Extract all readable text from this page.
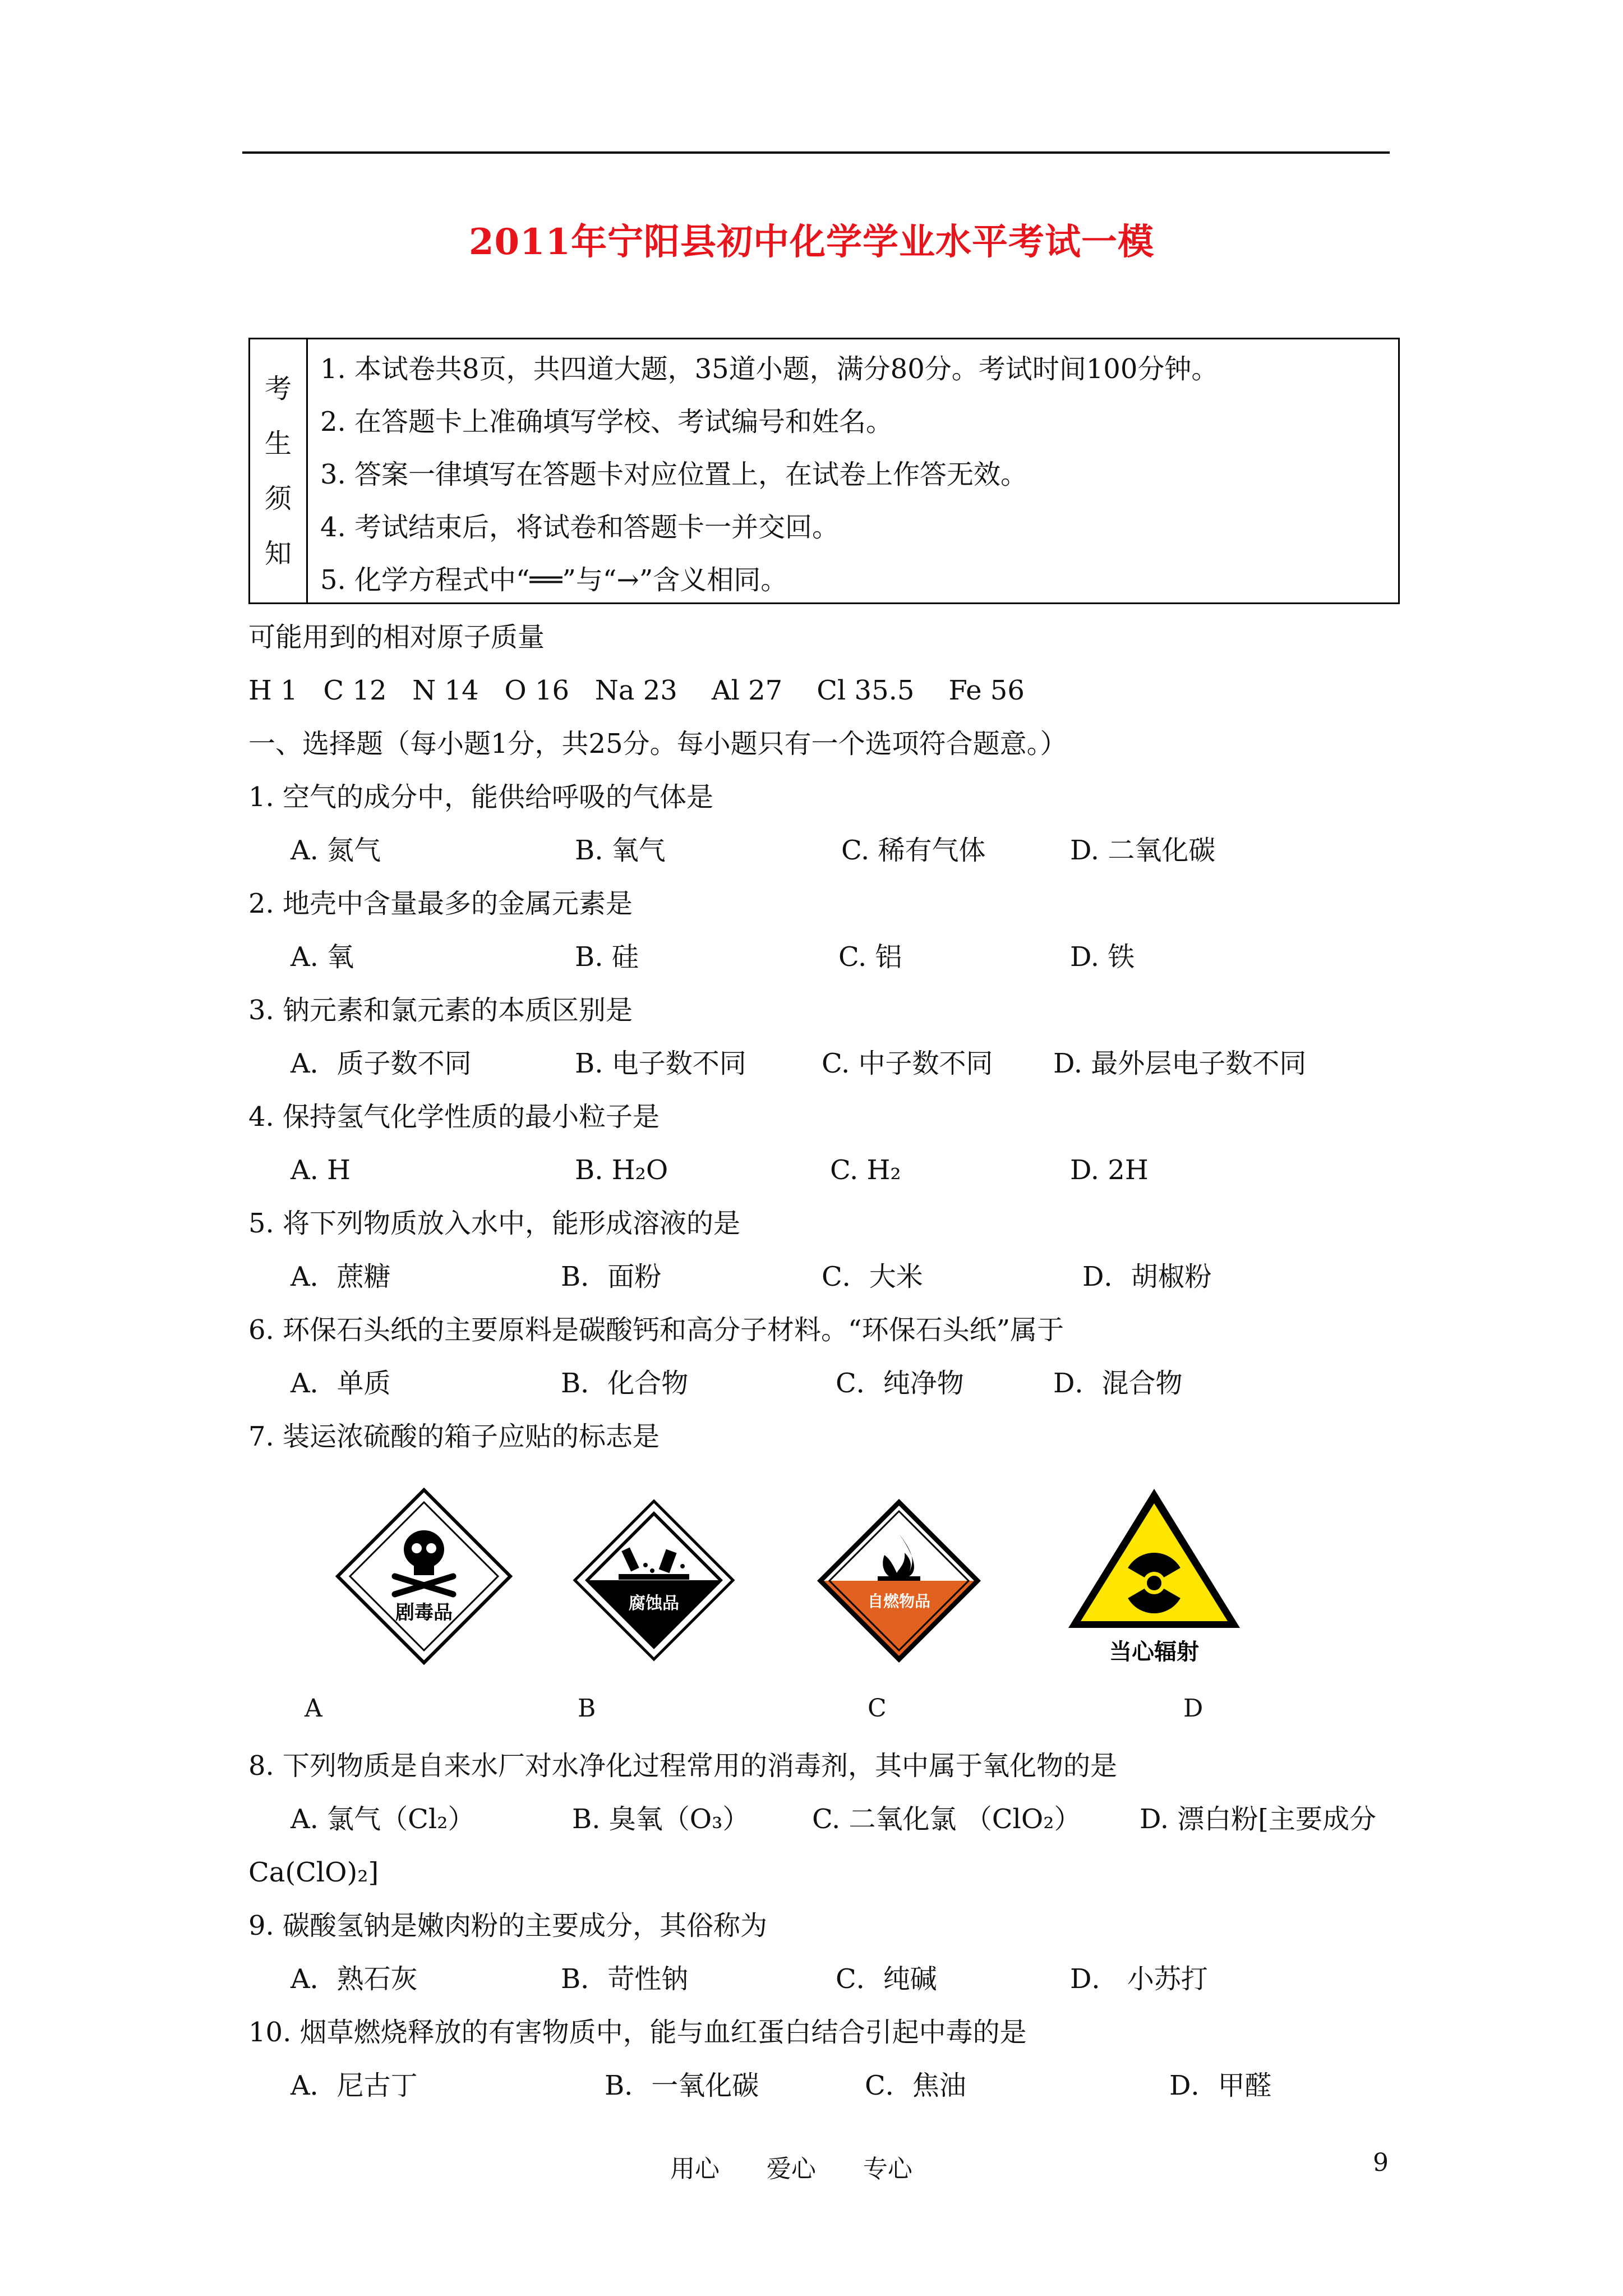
2011年宁阳县初中化学学业水平考试一模
考
生
须
知
1. 本试卷共8页，共四道大题，35道小题，满分80分。考试时间100分钟。
2. 在答题卡上准确填写学校、考试编号和姓名。
3. 答案一律填写在答题卡对应位置上，在试卷上作答无效。
4. 考试结束后，将试卷和答题卡一并交回。
5. 化学方程式中“══”与“→”含义相同。
可能用到的相对原子质量
H 1   C 12   N 14   O 16   Na 23    Al 27    Cl 35.5    Fe 56
一、选择题（每小题1分，共25分。每小题只有一个选项符合题意。）
1. 空气的成分中，能供给呼吸的气体是
A. 氮气	B. 氧气	C. 稀有气体	D. 二氧化碳
2. 地壳中含量最多的金属元素是
A. 氧	B. 硅	C. 铝	D. 铁
3. 钠元素和氯元素的本质区别是
A．质子数不同	B. 电子数不同	C. 中子数不同 D. 最外层电子数不同
4. 保持氢气化学性质的最小粒子是
A. H	B. H₂O	C. H₂	D. 2H
5. 将下列物质放入水中，能形成溶液的是
A．蔗糖	B．面粉	C．大米	D．胡椒粉
6. 环保石头纸的主要原料是碳酸钙和高分子材料。“环保石头纸”属于
A．单质	B．化合物	C．纯净物	D．混合物
7. 装运浓硫酸的箱子应贴的标志是
剧毒品	腐蚀品	自燃物品
当心辐射
A	B	C	D
8. 下列物质是自来水厂对水净化过程常用的消毒剂，其中属于氧化物的是
A. 氯气（Cl₂）	B. 臭氧（O₃） C. 二氧化氯 （ClO₂） D. 漂白粉[主要成分
Ca(ClO)₂]
9. 碳酸氢钠是嫩肉粉的主要成分，其俗称为
A．熟石灰	B．苛性钠	C．纯碱	D． 小苏打
10. 烟草燃烧释放的有害物质中，能与血红蛋白结合引起中毒的是
A．尼古丁	B．一氧化碳	C．焦油	D．甲醛
用心      爱心      专心	9
